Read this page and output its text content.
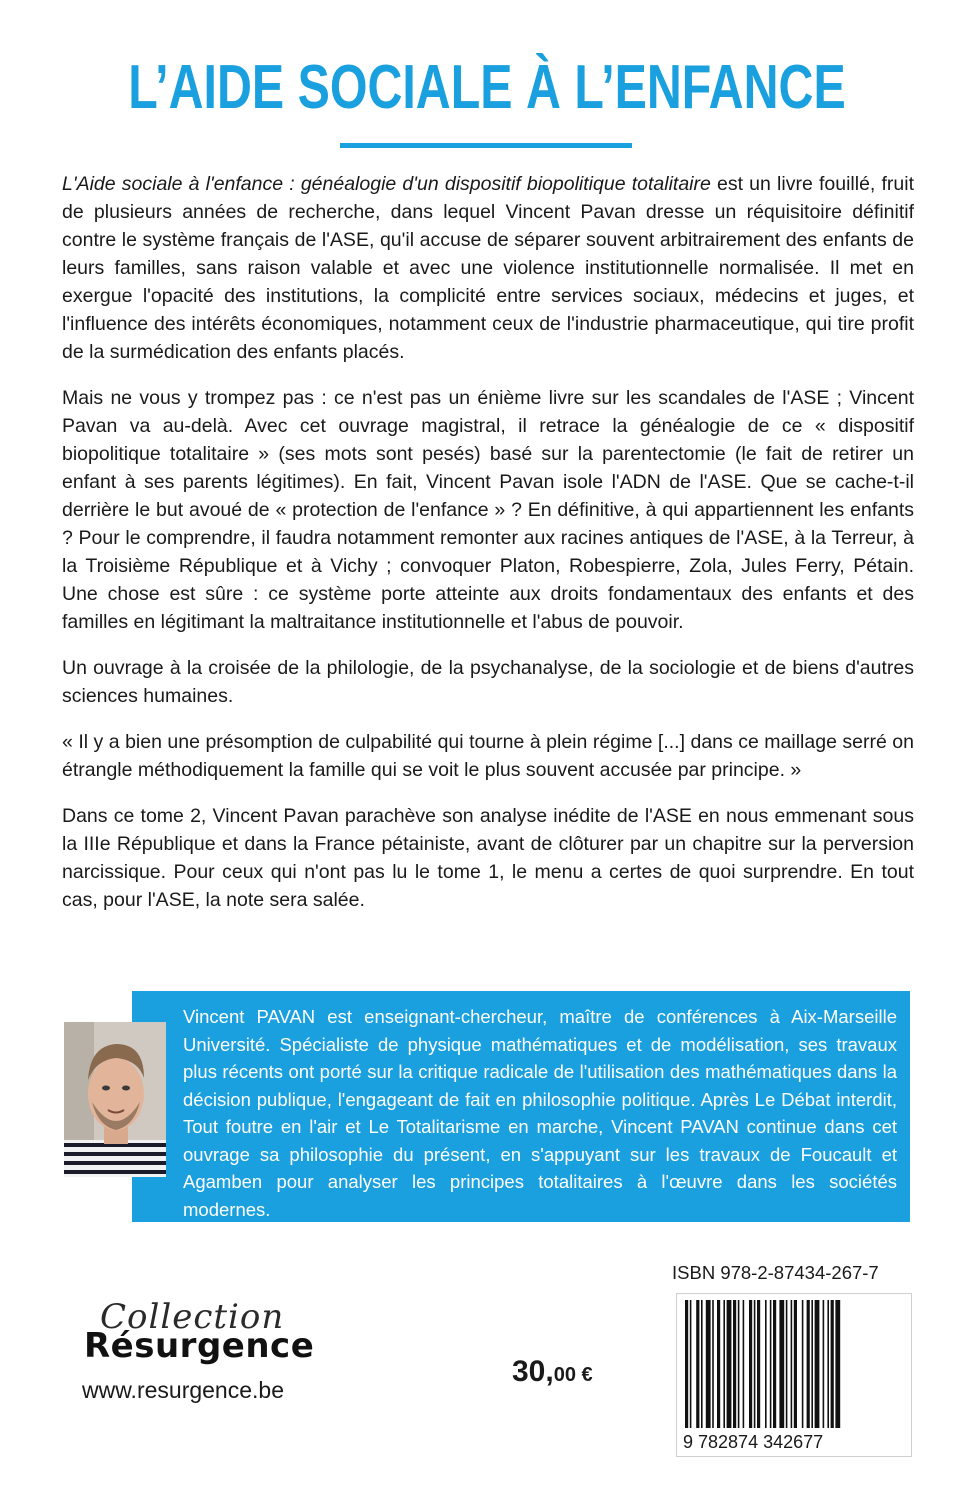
L’AIDE SOCIALE À L’ENFANCE

L'Aide sociale à l'enfance : généalogie d'un dispositif biopolitique totalitaire est un livre fouillé, fruit de plusieurs années de recherche, dans lequel Vincent Pavan dresse un réquisitoire définitif contre le système français de l'ASE, qu'il accuse de séparer souvent arbitrairement des enfants de leurs familles, sans raison valable et avec une violence institutionnelle normalisée. Il met en exergue l'opacité des institutions, la complicité entre services sociaux, médecins et juges, et l'influence des intérêts économiques, notamment ceux de l'industrie pharmaceutique, qui tire profit de la surmédication des enfants placés.

Mais ne vous y trompez pas : ce n'est pas un énième livre sur les scandales de l'ASE ; Vincent Pavan va au-delà. Avec cet ouvrage magistral, il retrace la généalogie de ce « dispositif biopolitique totalitaire » (ses mots sont pesés) basé sur la parentectomie (le fait de retirer un enfant à ses parents légitimes). En fait, Vincent Pavan isole l'ADN de l'ASE. Que se cache-t-il derrière le but avoué de « protection de l'enfance » ? En définitive, à qui appartiennent les enfants ? Pour le comprendre, il faudra notamment remonter aux racines antiques de l'ASE, à la Terreur, à la Troisième République et à Vichy ; convoquer Platon, Robespierre, Zola, Jules Ferry, Pétain. Une chose est sûre : ce système porte atteinte aux droits fondamentaux des enfants et des familles en légitimant la maltraitance institutionnelle et l'abus de pouvoir.

Un ouvrage à la croisée de la philologie, de la psychanalyse, de la sociologie et de biens d'autres sciences humaines.

« Il y a bien une présomption de culpabilité qui tourne à plein régime [...] dans ce maillage serré on étrangle méthodiquement la famille qui se voit le plus souvent accusée par principe. »

Dans ce tome 2, Vincent Pavan parachève son analyse inédite de l'ASE en nous emmenant sous la IIIe République et dans la France pétainiste, avant de clôturer par un chapitre sur la perversion narcissique. Pour ceux qui n'ont pas lu le tome 1, le menu a certes de quoi surprendre. En tout cas, pour l'ASE, la note sera salée.

Vincent PAVAN est enseignant-chercheur, maître de conférences à Aix-Marseille Université. Spécialiste de physique mathématiques et de modélisation, ses travaux plus récents ont porté sur la critique radicale de l'utilisation des mathématiques dans la décision publique, l'engageant de fait en philosophie politique. Après Le Débat interdit, Tout foutre en l'air et Le Totalitarisme en marche, Vincent PAVAN continue dans cet ouvrage sa philosophie du présent, en s'appuyant sur les travaux de Foucault et Agamben pour analyser les principes totalitaires à l'œuvre dans les sociétés modernes.
ISBN 978-2-87434-267-7
9 782874 342677
30,00 €
Collection
Résurgence
www.resurgence.be
